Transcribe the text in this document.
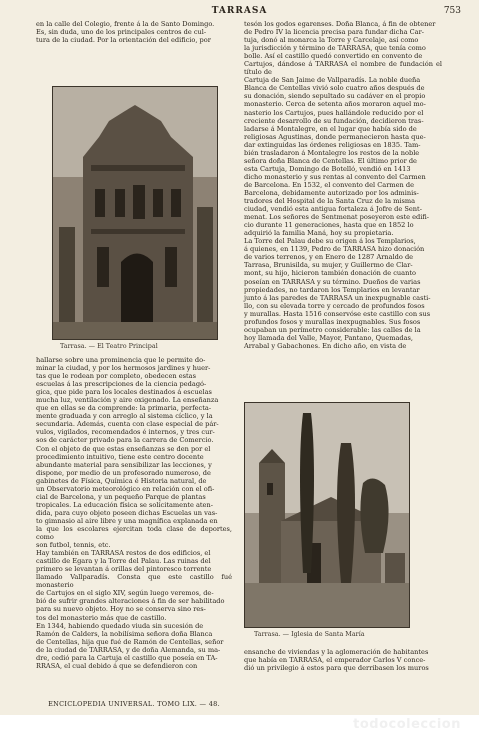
TARRASA	753

en la calle del Colegio, frente á la de Santo Domingo.

Es, sin duda, uno de los principales centros de cul-

tura de la ciudad. Por la orientación del edificio, por

Tarrasa. — El Teatro Principal

hallarse sobre una prominencia que le permite do-

minar la ciudad, y por los hermosos jardines y huer-

tas que le rodean por completo, obedecen estas

escuelas á las prescripciones de la ciencia pedagó-

gica, que pide para los locales destinados á escuelas

mucha luz, ventilación y aire oxigenado. La enseñanza

que en ellas se da comprende: la primaria, perfecta-

mente graduada y con arreglo al sistema cíclico, y la

secundaria. Además, cuenta con clase especial de pár-

vulos, vigilados, recomendados é internos, y tres cur-

sos de carácter privado para la carrera de Comercio.

Con el objeto de que estas enseñanzas se den por el

procedimiento intuitivo, tiene este centro docente

abundante material para sensibilizar las lecciones, y

dispone, por medio de un profesorado numeroso, de

gabinetes de Física, Química é Historia natural, de

un Observatorio meteorológico en relación con el ofi-

cial de Barcelona, y un pequeño Parque de plantas

tropicales. La educación física se solícitamente aten-

dida, para cuyo objeto poseen dichas Escuelas un vas-

to gimnasio al aire libre y una magnífica explanada en

la que los escolares ejercitan toda clase de deportes, como

son futbol, tennis, etc.

Hay también en TARRASA restos de dos edificios, el

castillo de Egara y la Torre del Palau. Las ruinas del

primero se levantan á orillas del pintoresco torrente

llamado Vallparadís. Consta que este castillo fué monasterio

de Cartujos en el siglo XIV, según luego veremos, de-

bió de sufrir grandes alteraciones á fin de ser habilitado

para su nuevo objeto. Hoy no se conserva sino res-

tos del monasterio más que de castillo.

En 1344, habiendo quedado viuda sin sucesión de

Ramón de Calders, la nobilísima señora doña Blanca

de Centellas, hija que fué de Ramón de Centellas, señor

de la ciudad de TARRASA, y de doña Alemanda, su ma-

dre, cedió para la Cartuja el castillo que poseía en TA-

RRASA, el cual debido á que se defendieron con

ENCICLOPEDIA UNIVERSAL. TOMO LIX. — 48.

tesón los godos egarenses. Doña Blanca, á fin de obtener

de Pedro IV la licencia precisa para fundar dicha Car-

tuja, donó al monarca la Torre y Carcelaje, así como

la jurisdicción y término de TARRASA, que tenía como

bolle. Así el castillo quedó convertido en convento de

Cartujos, dándose á TARRASA el nombre de fundación el título de

Cartuja de San Jaime de Vallparadís. La noble dueña

Blanca de Centellas vivió solo cuatro años después de

su donación, siendo sepultado su cadáver en el propio

monasterio. Cerca de setenta años moraron aquel mo-

nasterio los Cartujos, pues hallándole reducido por el

creciente desarrollo de su fundación, decidieron tras-

ladarse á Montalegre, en el lugar que había sido de

religiosas Agustinas, donde permanecieron hasta que-

dar extinguidas las órdenes religiosas en 1835. Tam-

bién trasladaron á Montalegre los restos de la noble

señora doña Blanca de Centellas. El último prior de

esta Cartuja, Domingo de Botelló, vendió en 1413

dicho monasterio y sus rentas al convento del Carmen

de Barcelona. En 1532, el convento del Carmen de

Barcelona, debidamente autorizado por los adminis-

tradores del Hospital de la Santa Cruz de la misma

ciudad, vendió esta antigua fortaleza á Jofre de Sent-

menat. Los señores de Sentmenat poseyeron este edifi-

cio durante 11 generaciones, hasta que en 1852 lo

adquirió la familia Maná, hoy su propietaria.

La Torre del Palau debe su origen á los Templarios,

á quienes, en 1139, Pedro de TARRASA hizo donación

de varios terrenos, y en Enero de 1287 Arnaldo de

Tarrasa, Brunisilda, su mujer, y Guillermo de Clar-

mont, su hijo, hicieron también donación de cuanto

poseían en TARRASA y su término. Dueños de varias

propiedades, no tardaron los Templarios en levantar

junto á las paredes de TARRASA un inexpugnable casti-

llo, con su elevada torre y cercado de profundos fosos

y murallas. Hasta 1516 conservóse este castillo con sus

profundos fosos y murallas inexpugnables. Sus fosos

ocupaban un perímetro considerable: las calles de la

hoy llamada del Valle, Mayor, Pantano, Quemadas,

Arrabal y Gabachones. En dicho año, en vista de

Tarrasa. — Iglesia de Santa María

ensanche de viviendas y la aglomeración de habitantes

que había en TARRASA, el emperador Carlos V conce-

dió un privilegio á estos para que derribasen los muros

todocoleccion
